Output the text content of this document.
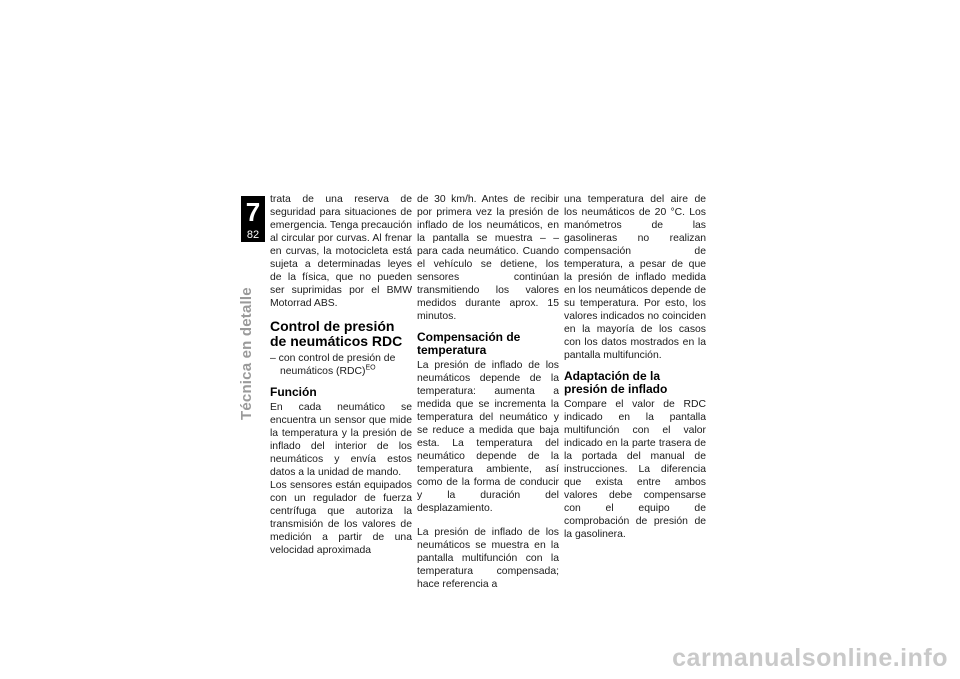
7
82
Técnica en detalle

trata de una reserva de seguridad para situaciones de emergencia. Tenga precaución al circular por curvas. Al frenar en curvas, la motocicleta está sujeta a determinadas leyes de la física, que no pueden ser suprimidas por el BMW Motorrad ABS.

Control de presión de neumáticos RDC

– con control de presión de neumáticos (RDC)$^{EO}$

Función

En cada neumático se encuentra un sensor que mide la temperatura y la presión de inflado del interior de los neumáticos y envía estos datos a la unidad de mando.

Los sensores están equipados con un regulador de fuerza centrífuga que autoriza la transmisión de los valores de medición a partir de una velocidad aproximada

de 30 km/h. Antes de recibir por primera vez la presión de inflado de los neumáticos, en la pantalla se muestra – – para cada neumático. Cuando el vehículo se detiene, los sensores continúan transmitiendo los valores medidos durante aprox. 15 minutos.

Compensación de temperatura

La presión de inflado de los neumáticos depende de la temperatura: aumenta a medida que se incrementa la temperatura del neumático y se reduce a medida que baja esta. La temperatura del neumático depende de la temperatura ambiente, así como de la forma de conducir y la duración del desplazamiento.

La presión de inflado de los neumáticos se muestra en la pantalla multifunción con la temperatura compensada; hace referencia a

una temperatura del aire de los neumáticos de 20 °C. Los manómetros de las gasolineras no realizan compensación de temperatura, a pesar de que la presión de inflado medida en los neumáticos depende de su temperatura. Por esto, los valores indicados no coinciden en la mayoría de los casos con los datos mostrados en la pantalla multifunción.

Adaptación de la presión de inflado

Compare el valor de RDC indicado en la pantalla multifunción con el valor indicado en la parte trasera de la portada del manual de instrucciones. La diferencia que exista entre ambos valores debe compensarse con el equipo de comprobación de presión de la gasolinera.

carmanualsonline.info
